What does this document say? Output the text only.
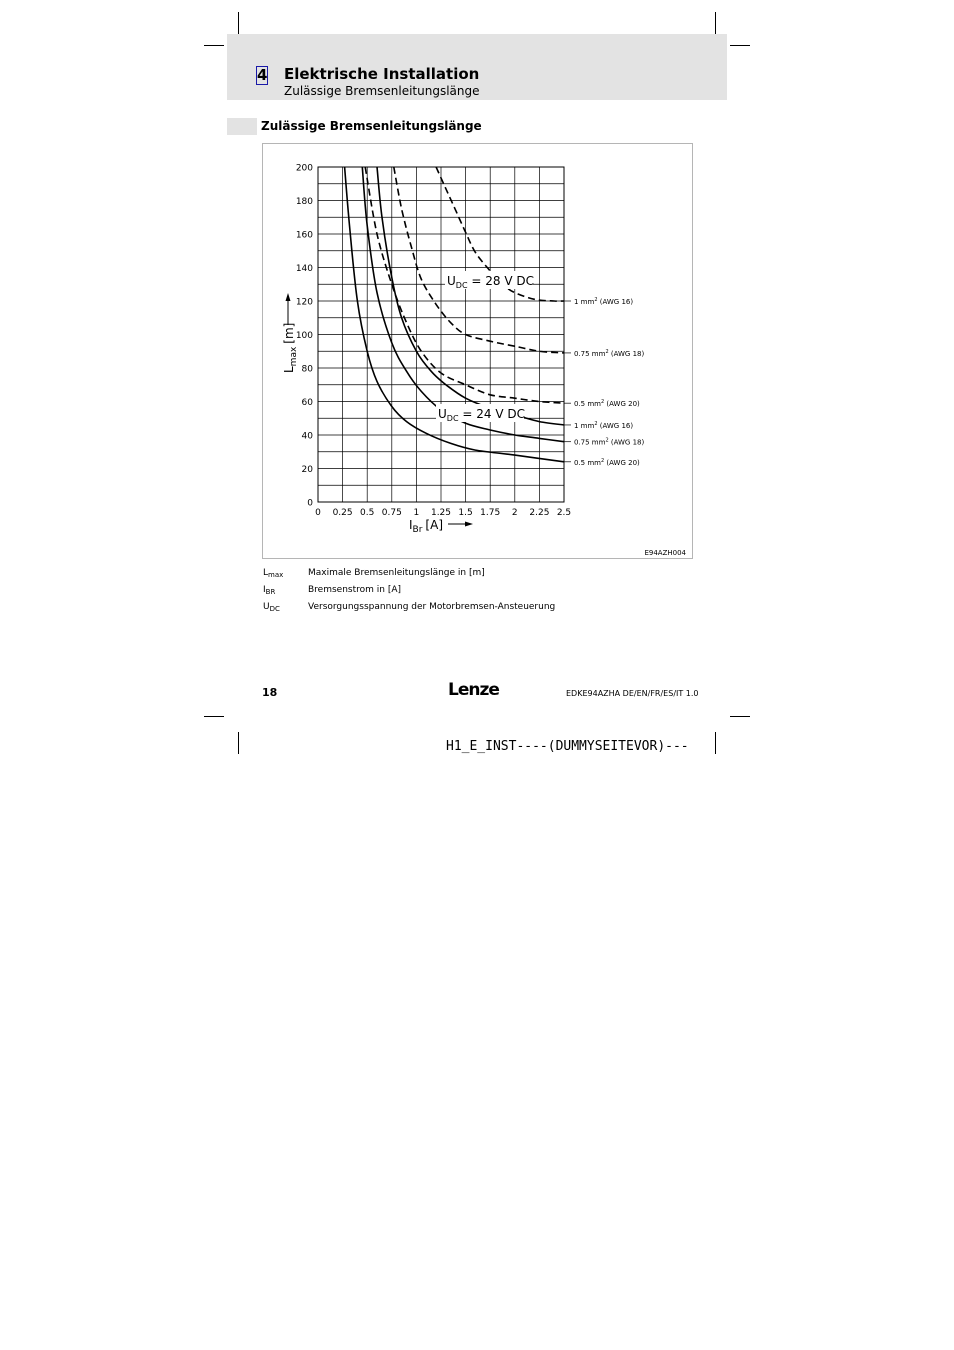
4 Elektrische Installation
Zulässige Bremsenleitungslänge
Zulässige Bremsenleitungslänge
0
20
40
60
80
100
120
140
160
180
200
0 0.25 0.5 0.75 1 1.25 1.5 1.75 2 2.25 2.5
1 $mm^2$ (AWG 16)
0.75 $mm^2$ (AWG 18)
0.5 $mm^2$ (AWG 20)
1 $mm^2$ (AWG 16)
0.75 $mm^2$ (AWG 18)
0.5 $mm^2$ (AWG 20)
$L_{max}[m]$
$I_{Br}$ [A]
$U_{DC} = 28$ V DC
$U_{DC} = 24$ V DC
E94AZH004
$L_{max}$	Maximale Bremsenleitungslänge in [m]
$I_{BR}$	Bremsenstrom in [A]
$U_{DC}$	Versorgungsspannung der Motorbremsen-Ansteuerung
18	Lenze	EDKE94AZHA DE/EN/FR/ES/IT 1.0
H1_E_INST----(DUMMYSEITEVOR)---
